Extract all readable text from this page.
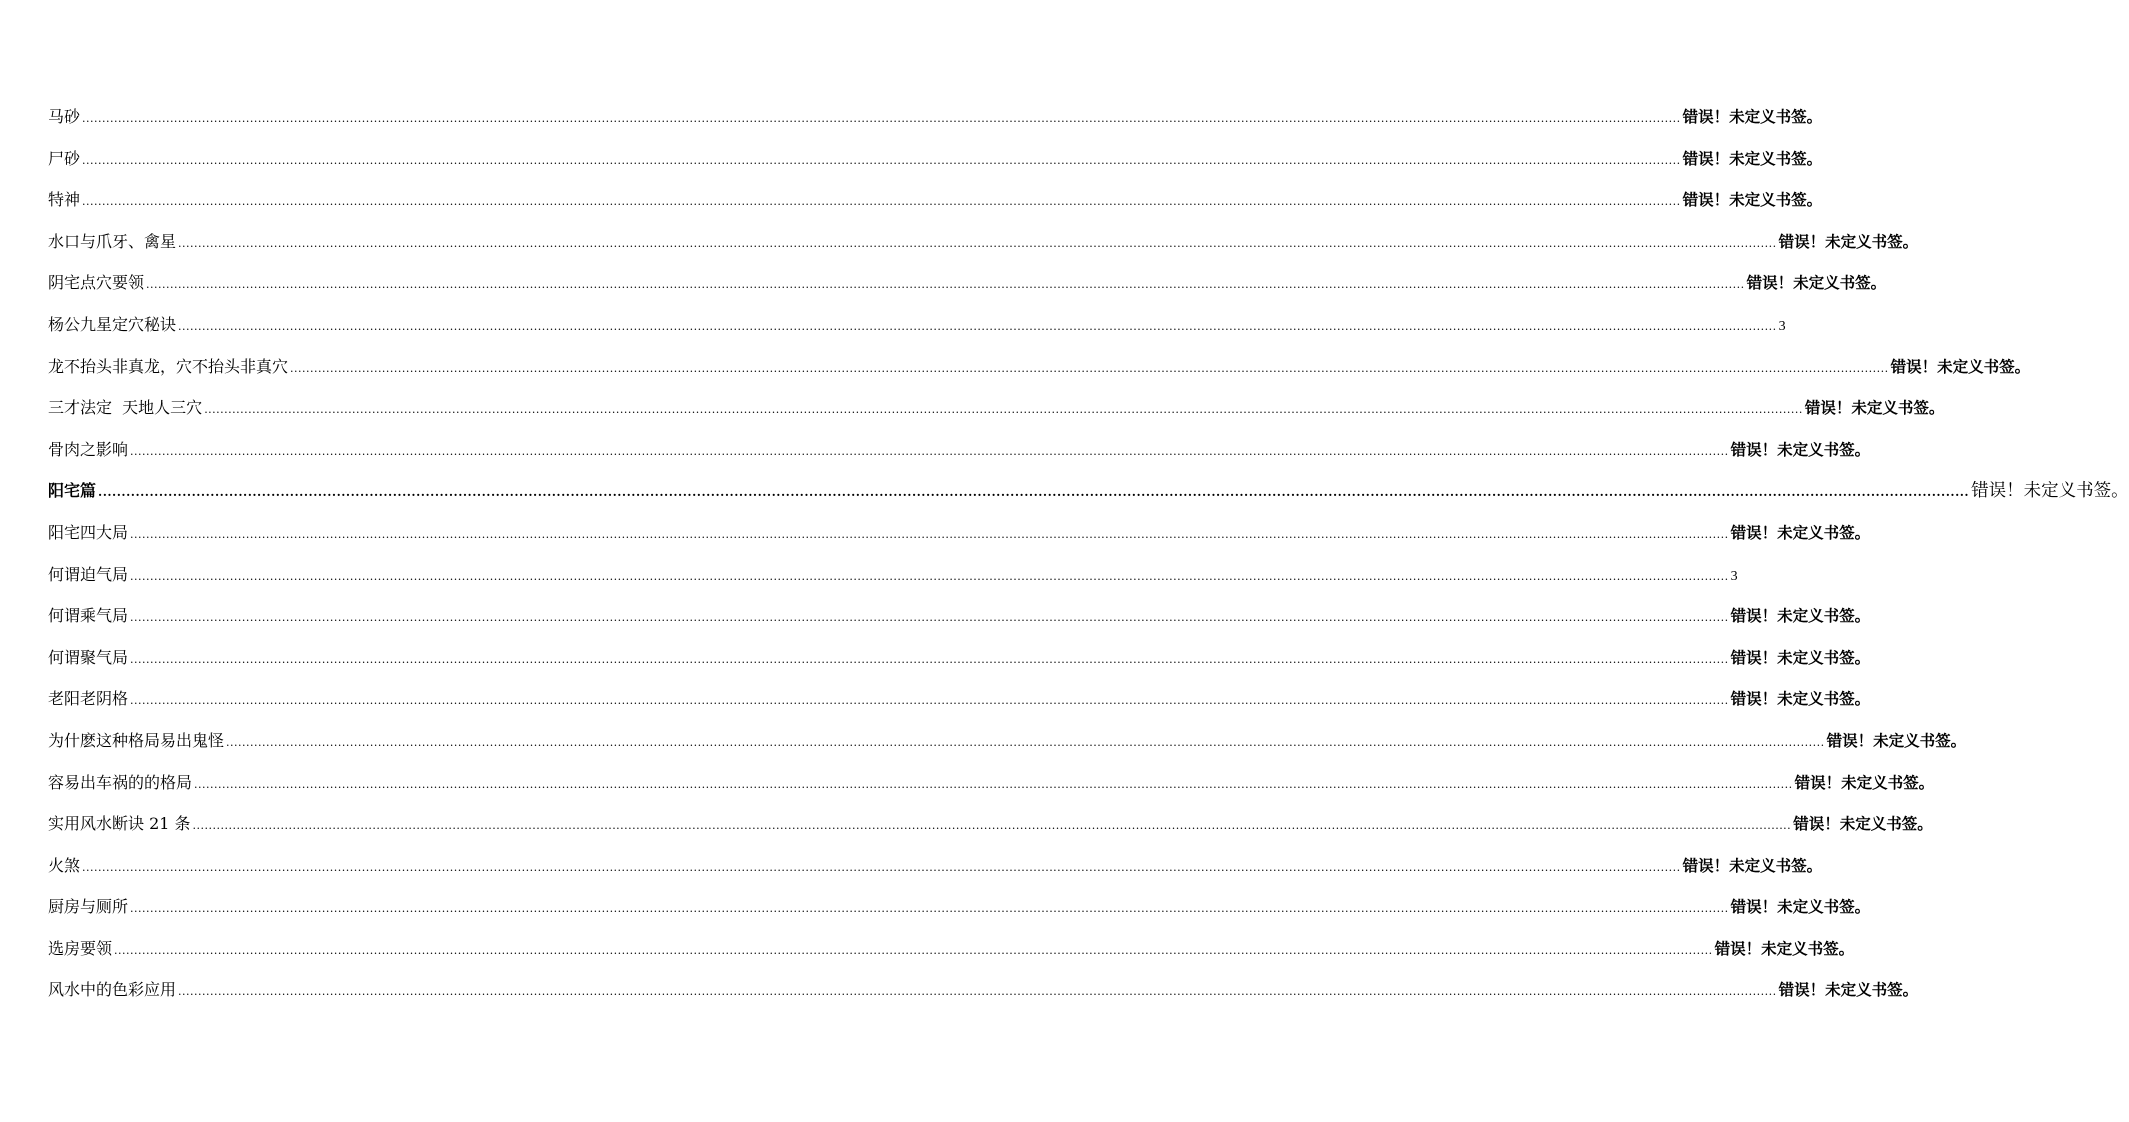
马砂 ................................................................................................................................................................................................................................................................................................................................................................................................................ 错误！未定义书签。
尸砂 ................................................................................................................................................................................................................................................................................................................................................................................................................ 错误！未定义书签。
特神 ................................................................................................................................................................................................................................................................................................................................................................................................................ 错误！未定义书签。
水口与爪牙、禽星 ................................................................................................................................................................................................................................................................................................................................................................................................................ 错误！未定义书签。
阴宅点穴要领 ................................................................................................................................................................................................................................................................................................................................................................................................................ 错误！未定义书签。
杨公九星定穴秘诀 ................................................................................................................................................................................................................................................................................................................................................................................................................ 3
龙不抬头非真龙，穴不抬头非真穴 ................................................................................................................................................................................................................................................................................................................................................................................................................ 错误！未定义书签。
三才法定  天地人三穴 ................................................................................................................................................................................................................................................................................................................................................................................................................ 错误！未定义书签。
骨肉之影响 ................................................................................................................................................................................................................................................................................................................................................................................................................ 错误！未定义书签。
阳宅篇 ................................................................................................................................................................................................................................................................................................................................................................................................................ 错误！未定义书签。
阳宅四大局 ................................................................................................................................................................................................................................................................................................................................................................................................................ 错误！未定义书签。
何谓迫气局 ................................................................................................................................................................................................................................................................................................................................................................................................................ 3
何谓乘气局 ................................................................................................................................................................................................................................................................................................................................................................................................................ 错误！未定义书签。
何谓聚气局 ................................................................................................................................................................................................................................................................................................................................................................................................................ 错误！未定义书签。
老阳老阴格 ................................................................................................................................................................................................................................................................................................................................................................................................................ 错误！未定义书签。
为什麽这种格局易出鬼怪 ................................................................................................................................................................................................................................................................................................................................................................................................................ 错误！未定义书签。
容易出车祸的的格局 ................................................................................................................................................................................................................................................................................................................................................................................................................ 错误！未定义书签。
实用风水断诀 21 条 ................................................................................................................................................................................................................................................................................................................................................................................................................ 错误！未定义书签。
火煞 ................................................................................................................................................................................................................................................................................................................................................................................................................ 错误！未定义书签。
厨房与厕所 ................................................................................................................................................................................................................................................................................................................................................................................................................ 错误！未定义书签。
选房要领 ................................................................................................................................................................................................................................................................................................................................................................................................................ 错误！未定义书签。
风水中的色彩应用 ................................................................................................................................................................................................................................................................................................................................................................................................................ 错误！未定义书签。
